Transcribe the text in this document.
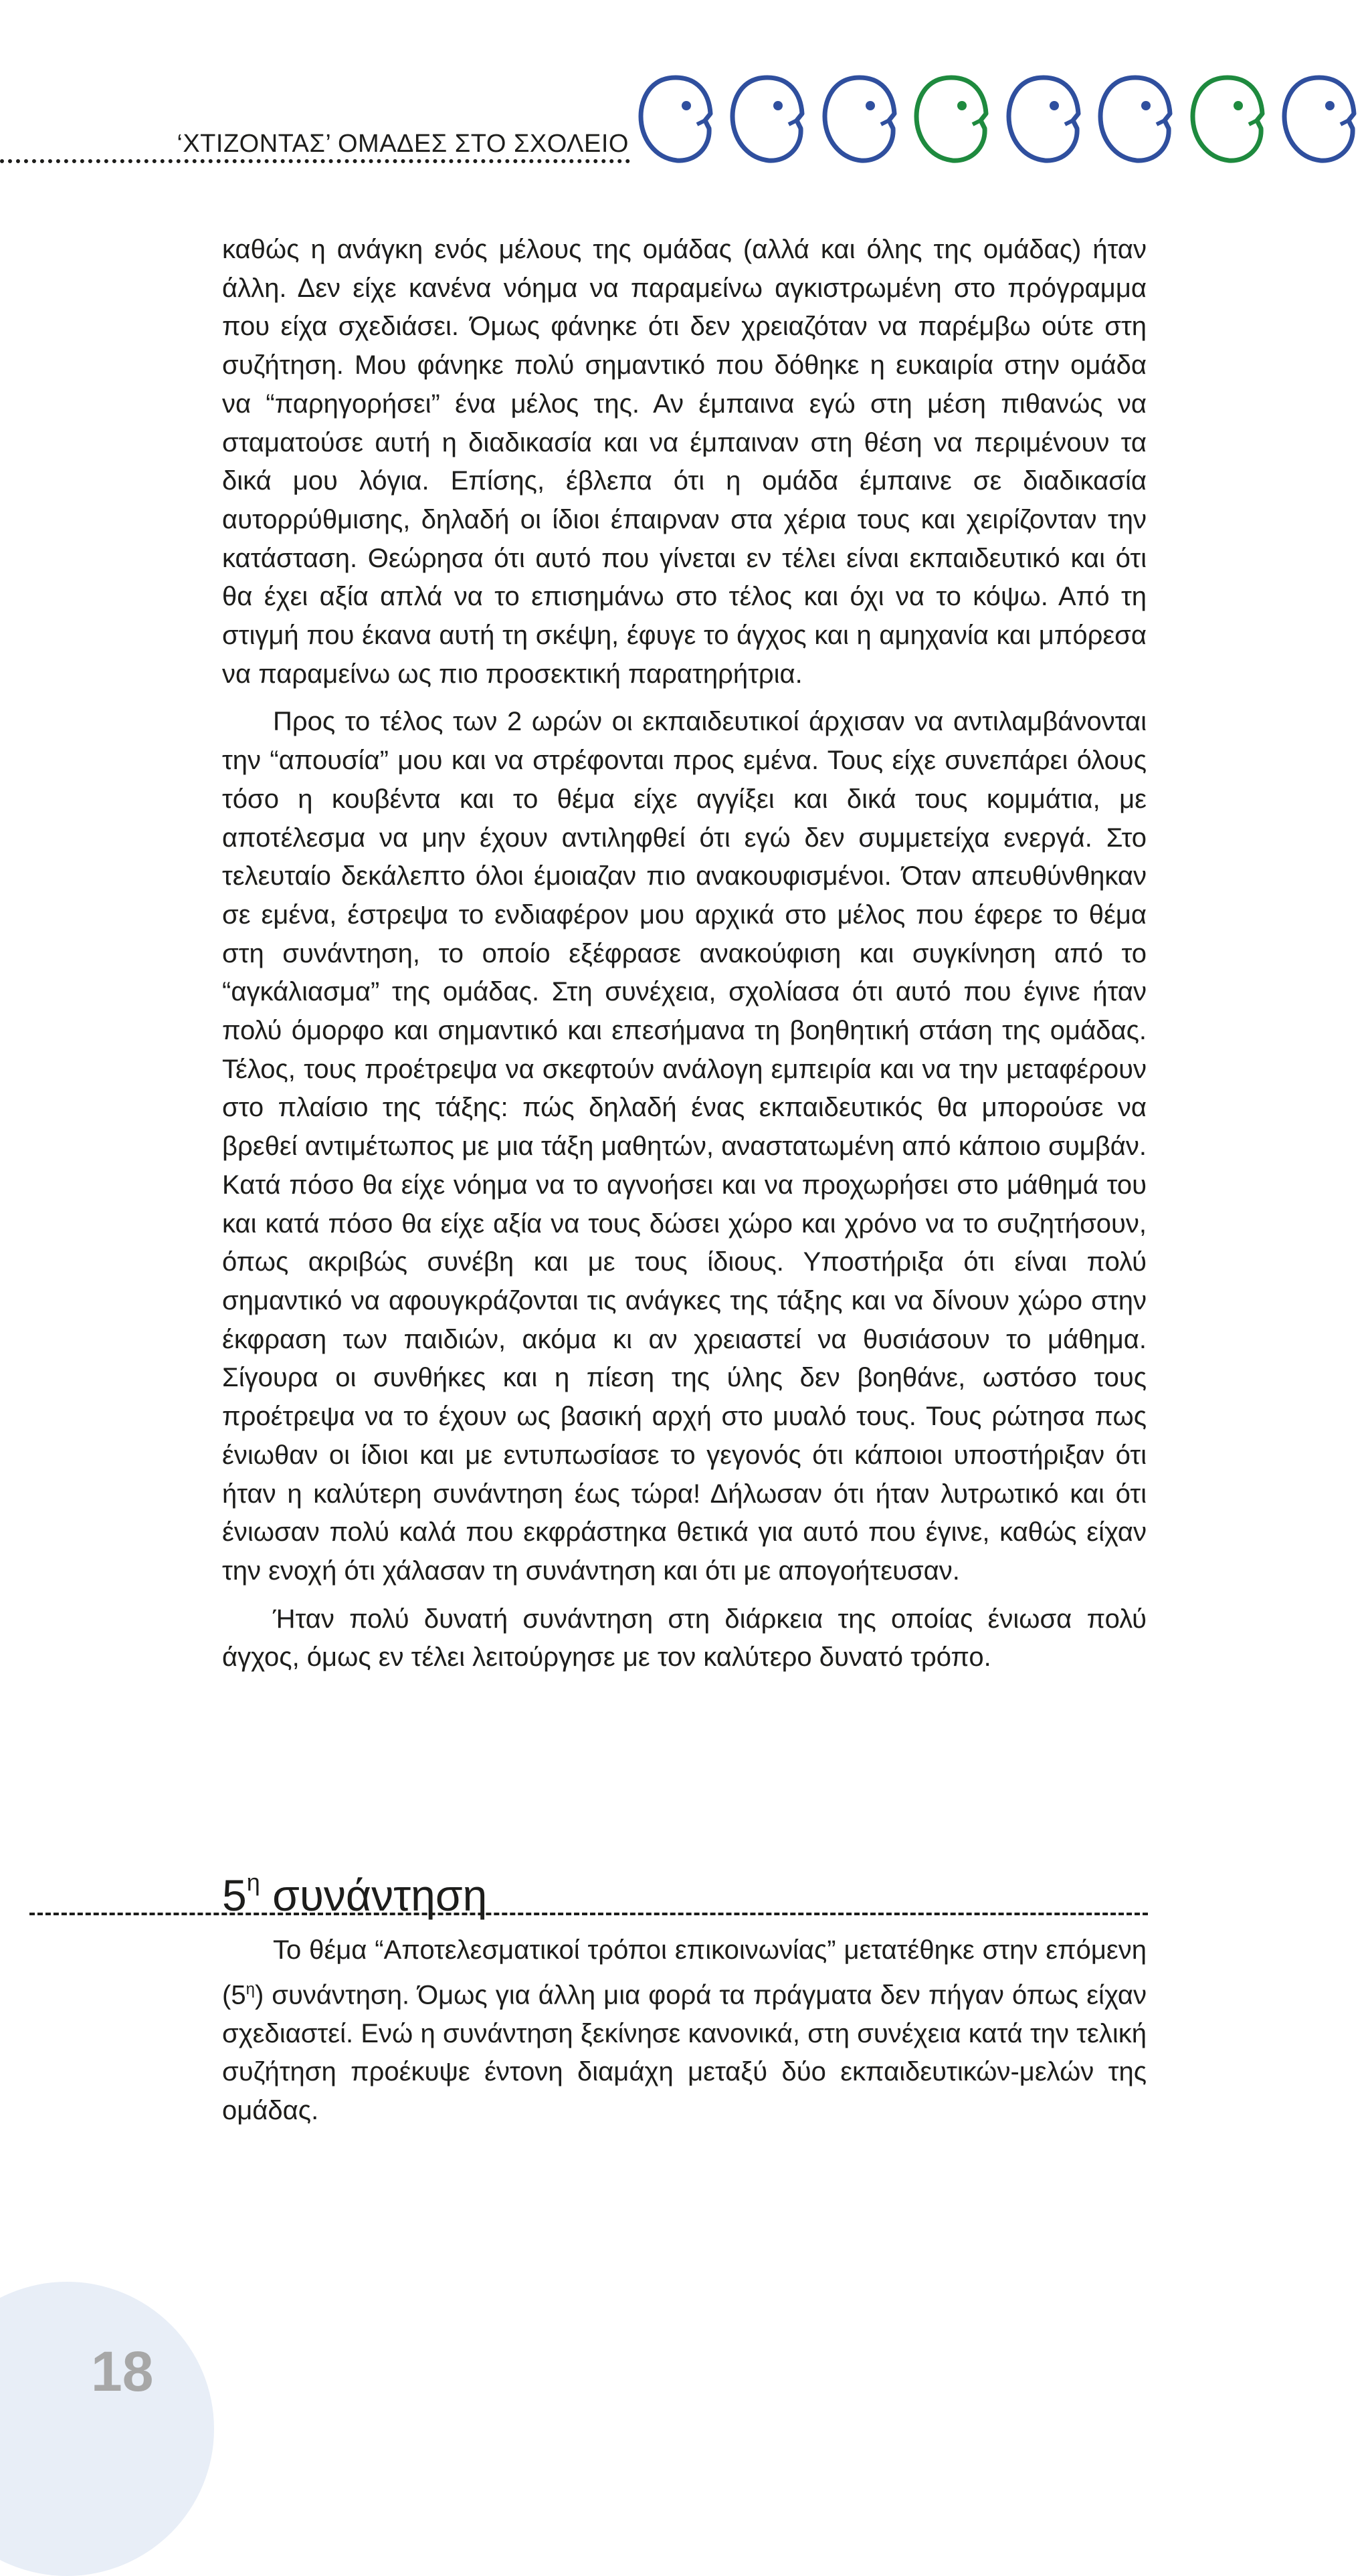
‘ΧΤΙΖΟΝΤΑΣ’ ΟΜΑΔΕΣ ΣΤΟ ΣΧΟΛΕΙΟ

καθώς η ανάγκη ενός μέλους της ομάδας (αλλά και όλης της ομάδας) ήταν άλλη. Δεν είχε κανένα νόημα να παραμείνω αγκιστρωμένη στο πρόγραμμα που είχα σχεδιάσει. Όμως φάνηκε ότι δεν χρειαζόταν να παρέμβω ούτε στη συζήτηση. Μου φάνηκε πολύ σημαντικό που δόθηκε η ευκαιρία στην ομάδα να “παρηγορήσει” ένα μέλος της. Αν έμπαινα εγώ στη μέση πιθανώς να σταματούσε αυτή η διαδικασία και να έμπαιναν στη θέση να περιμένουν τα δικά μου λόγια. Επίσης, έβλεπα ότι η ομάδα έμπαινε σε διαδικασία αυτορρύθμισης, δηλαδή οι ίδιοι έπαιρναν στα χέρια τους και χειρίζονταν την κατάσταση. Θεώρησα ότι αυτό που γίνεται εν τέλει είναι εκπαιδευτικό και ότι θα έχει αξία απλά να το επισημάνω στο τέλος και όχι να το κόψω. Από τη στιγμή που έκανα αυτή τη σκέψη, έφυγε το άγχος και η αμηχανία και μπόρεσα να παραμείνω ως πιο προσεκτική παρατηρήτρια.

Προς το τέλος των 2 ωρών οι εκπαιδευτικοί άρχισαν να αντιλαμβάνονται την “απουσία” μου και να στρέφονται προς εμένα. Τους είχε συνεπάρει όλους τόσο η κουβέντα και το θέμα είχε αγγίξει και δικά τους κομμάτια, με αποτέλεσμα να μην έχουν αντιληφθεί ότι εγώ δεν συμμετείχα ενεργά. Στο τελευταίο δεκάλεπτο όλοι έμοιαζαν πιο ανακουφισμένοι. Όταν απευθύνθηκαν σε εμένα, έστρεψα το ενδιαφέρον μου αρχικά στο μέλος που έφερε το θέμα στη συνάντηση, το οποίο εξέφρασε ανακούφιση και συγκίνηση από το “αγκάλιασμα” της ομάδας. Στη συνέχεια, σχολίασα ότι αυτό που έγινε ήταν πολύ όμορφο και σημαντικό και επεσήμανα τη βοηθητική στάση της ομάδας. Τέλος, τους προέτρεψα να σκεφτούν ανάλογη εμπειρία και να την μεταφέρουν στο πλαίσιο της τάξης: πώς δηλαδή ένας εκπαιδευτικός θα μπορούσε να βρεθεί αντιμέτωπος με μια τάξη μαθητών, αναστατωμένη από κάποιο συμβάν. Κατά πόσο θα είχε νόημα να το αγνοήσει και να προχωρήσει στο μάθημά του και κατά πόσο θα είχε αξία να τους δώσει χώρο και χρόνο να το συζητήσουν, όπως ακριβώς συνέβη και με τους ίδιους. Υποστήριξα ότι είναι πολύ σημαντικό να αφουγκράζονται τις ανάγκες της τάξης και να δίνουν χώρο στην έκφραση των παιδιών, ακόμα κι αν χρειαστεί να θυσιάσουν το μάθημα. Σίγουρα οι συνθήκες και η πίεση της ύλης δεν βοηθάνε, ωστόσο τους προέτρεψα να το έχουν ως βασική αρχή στο μυαλό τους. Τους ρώτησα πως ένιωθαν οι ίδιοι και με εντυπωσίασε το γεγονός ότι κάποιοι υποστήριξαν ότι ήταν η καλύτερη συνάντηση έως τώρα! Δήλωσαν ότι ήταν λυτρωτικό και ότι ένιωσαν πολύ καλά που εκφράστηκα θετικά για αυτό που έγινε, καθώς είχαν την ενοχή ότι χάλασαν τη συνάντηση και ότι με απογοήτευσαν.

Ήταν πολύ δυνατή συνάντηση στη διάρκεια της οποίας ένιωσα πολύ άγχος, όμως εν τέλει λειτούργησε με τον καλύτερο δυνατό τρόπο.

$5^\eta$ συνάντηση

Το θέμα “Αποτελεσματικοί τρόποι επικοινωνίας” μετατέθηκε στην επόμενη $(5^\eta)$ συνάντηση. Όμως για άλλη μια φορά τα πράγματα δεν πήγαν όπως είχαν σχεδιαστεί. Ενώ η συνάντηση ξεκίνησε κανονικά, στη συνέχεια κατά την τελική συζήτηση προέκυψε έντονη διαμάχη μεταξύ δύο εκπαιδευτικών-μελών της ομάδας.

18
